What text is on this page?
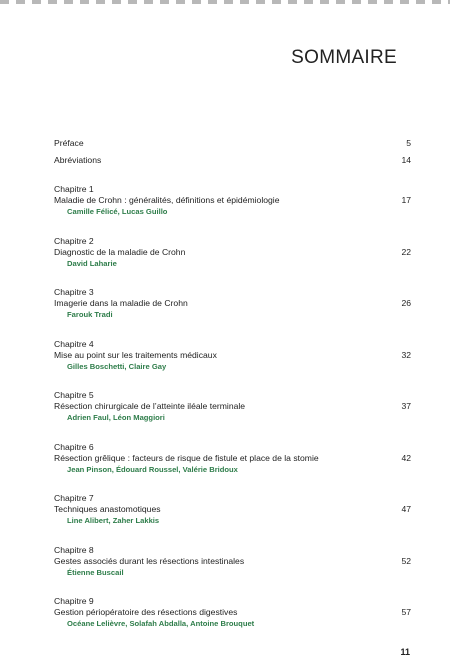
SOMMAIRE
Préface	5
Abréviations	14
Chapitre 1
Maladie de Crohn : généralités, définitions et épidémiologie	17
Camille Félicé, Lucas Guillo
Chapitre 2
Diagnostic de la maladie de Crohn	22
David Laharie
Chapitre 3
Imagerie dans la maladie de Crohn	26
Farouk Tradi
Chapitre 4
Mise au point sur les traitements médicaux	32
Gilles Boschetti, Claire Gay
Chapitre 5
Résection chirurgicale de l’atteinte iléale terminale	37
Adrien Faul, Léon Maggiori
Chapitre 6
Résection grêlique : facteurs de risque de fistule et place de la stomie	42
Jean Pinson, Édouard Roussel, Valérie Bridoux
Chapitre 7
Techniques anastomotiques	47
Line Alibert, Zaher Lakkis
Chapitre 8
Gestes associés durant les résections intestinales	52
Étienne Buscail
Chapitre 9
Gestion périopératoire des résections digestives	57
Océane Lelièvre, Solafah Abdalla, Antoine Brouquet
11
